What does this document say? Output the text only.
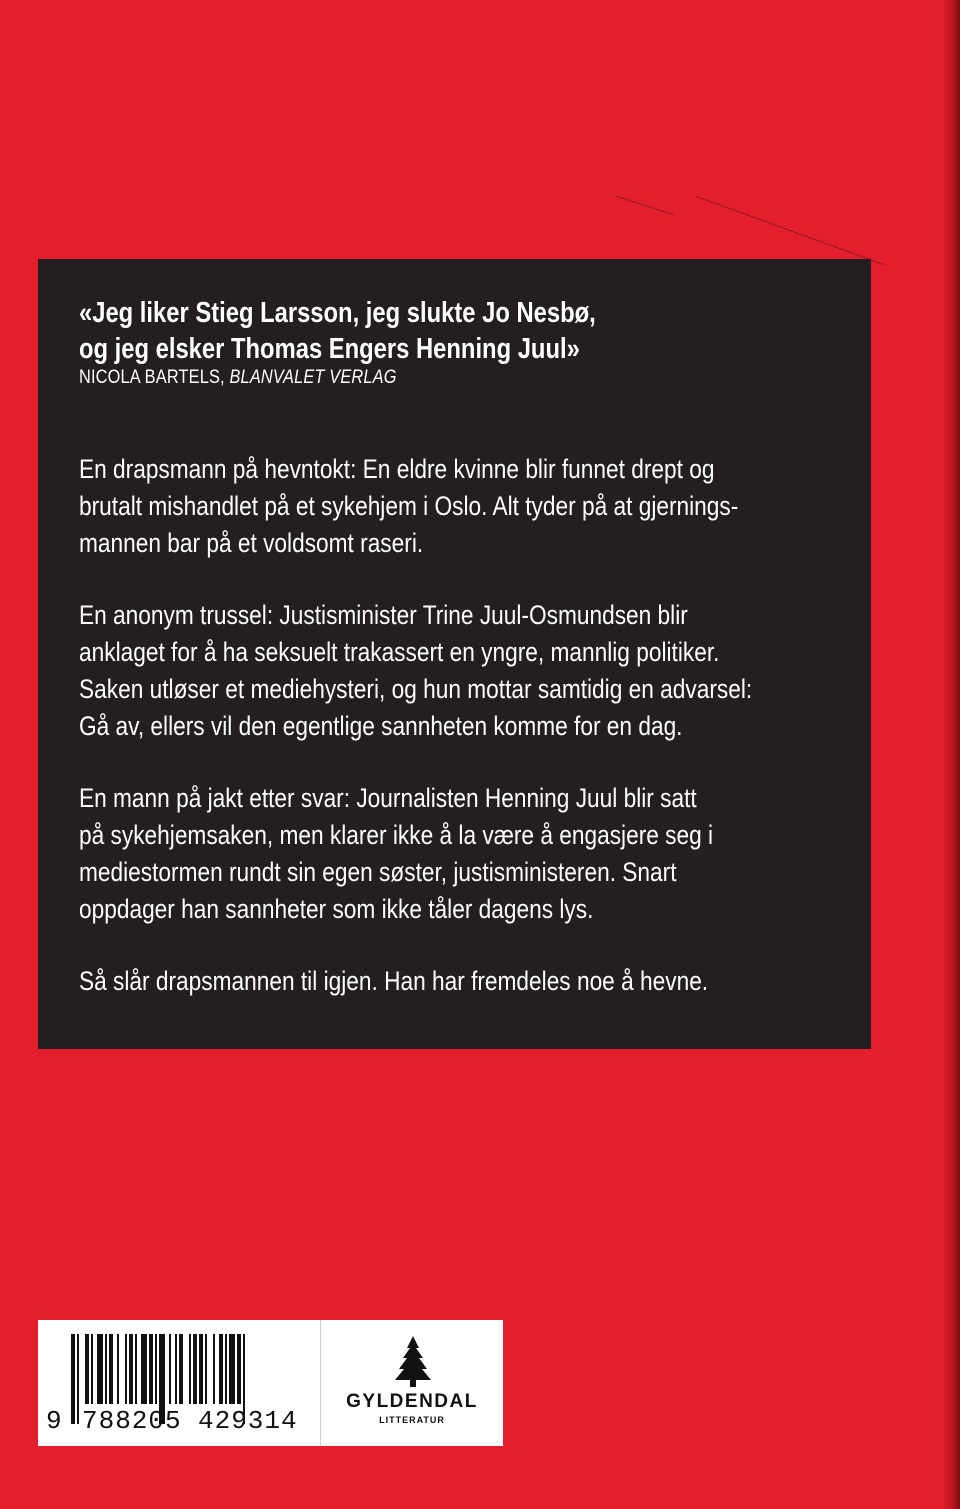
«Jeg liker Stieg Larsson, jeg slukte Jo Nesbø,
og jeg elsker Thomas Engers Henning Juul»
NICOLA BARTELS, BLANVALET VERLAG

En drapsmann på hevntokt: En eldre kvinne blir funnet drept og
brutalt mishandlet på et sykehjem i Oslo. Alt tyder på at gjernings-
mannen bar på et voldsomt raseri.

En anonym trussel: Justisminister Trine Juul-Osmundsen blir
anklaget for å ha seksuelt trakassert en yngre, mannlig politiker.
Saken utløser et mediehysteri, og hun mottar samtidig en advarsel:
Gå av, ellers vil den egentlige sannheten komme for en dag.

En mann på jakt etter svar: Journalisten Henning Juul blir satt
på sykehjemsaken, men klarer ikke å la være å engasjere seg i
mediestormen rundt sin egen søster, justisministeren. Snart
oppdager han sannheter som ikke tåler dagens lys.

Så slår drapsmannen til igjen. Han har fremdeles noe å hevne.

9 788205 429314
GYLDENDAL
LITTERATUR
